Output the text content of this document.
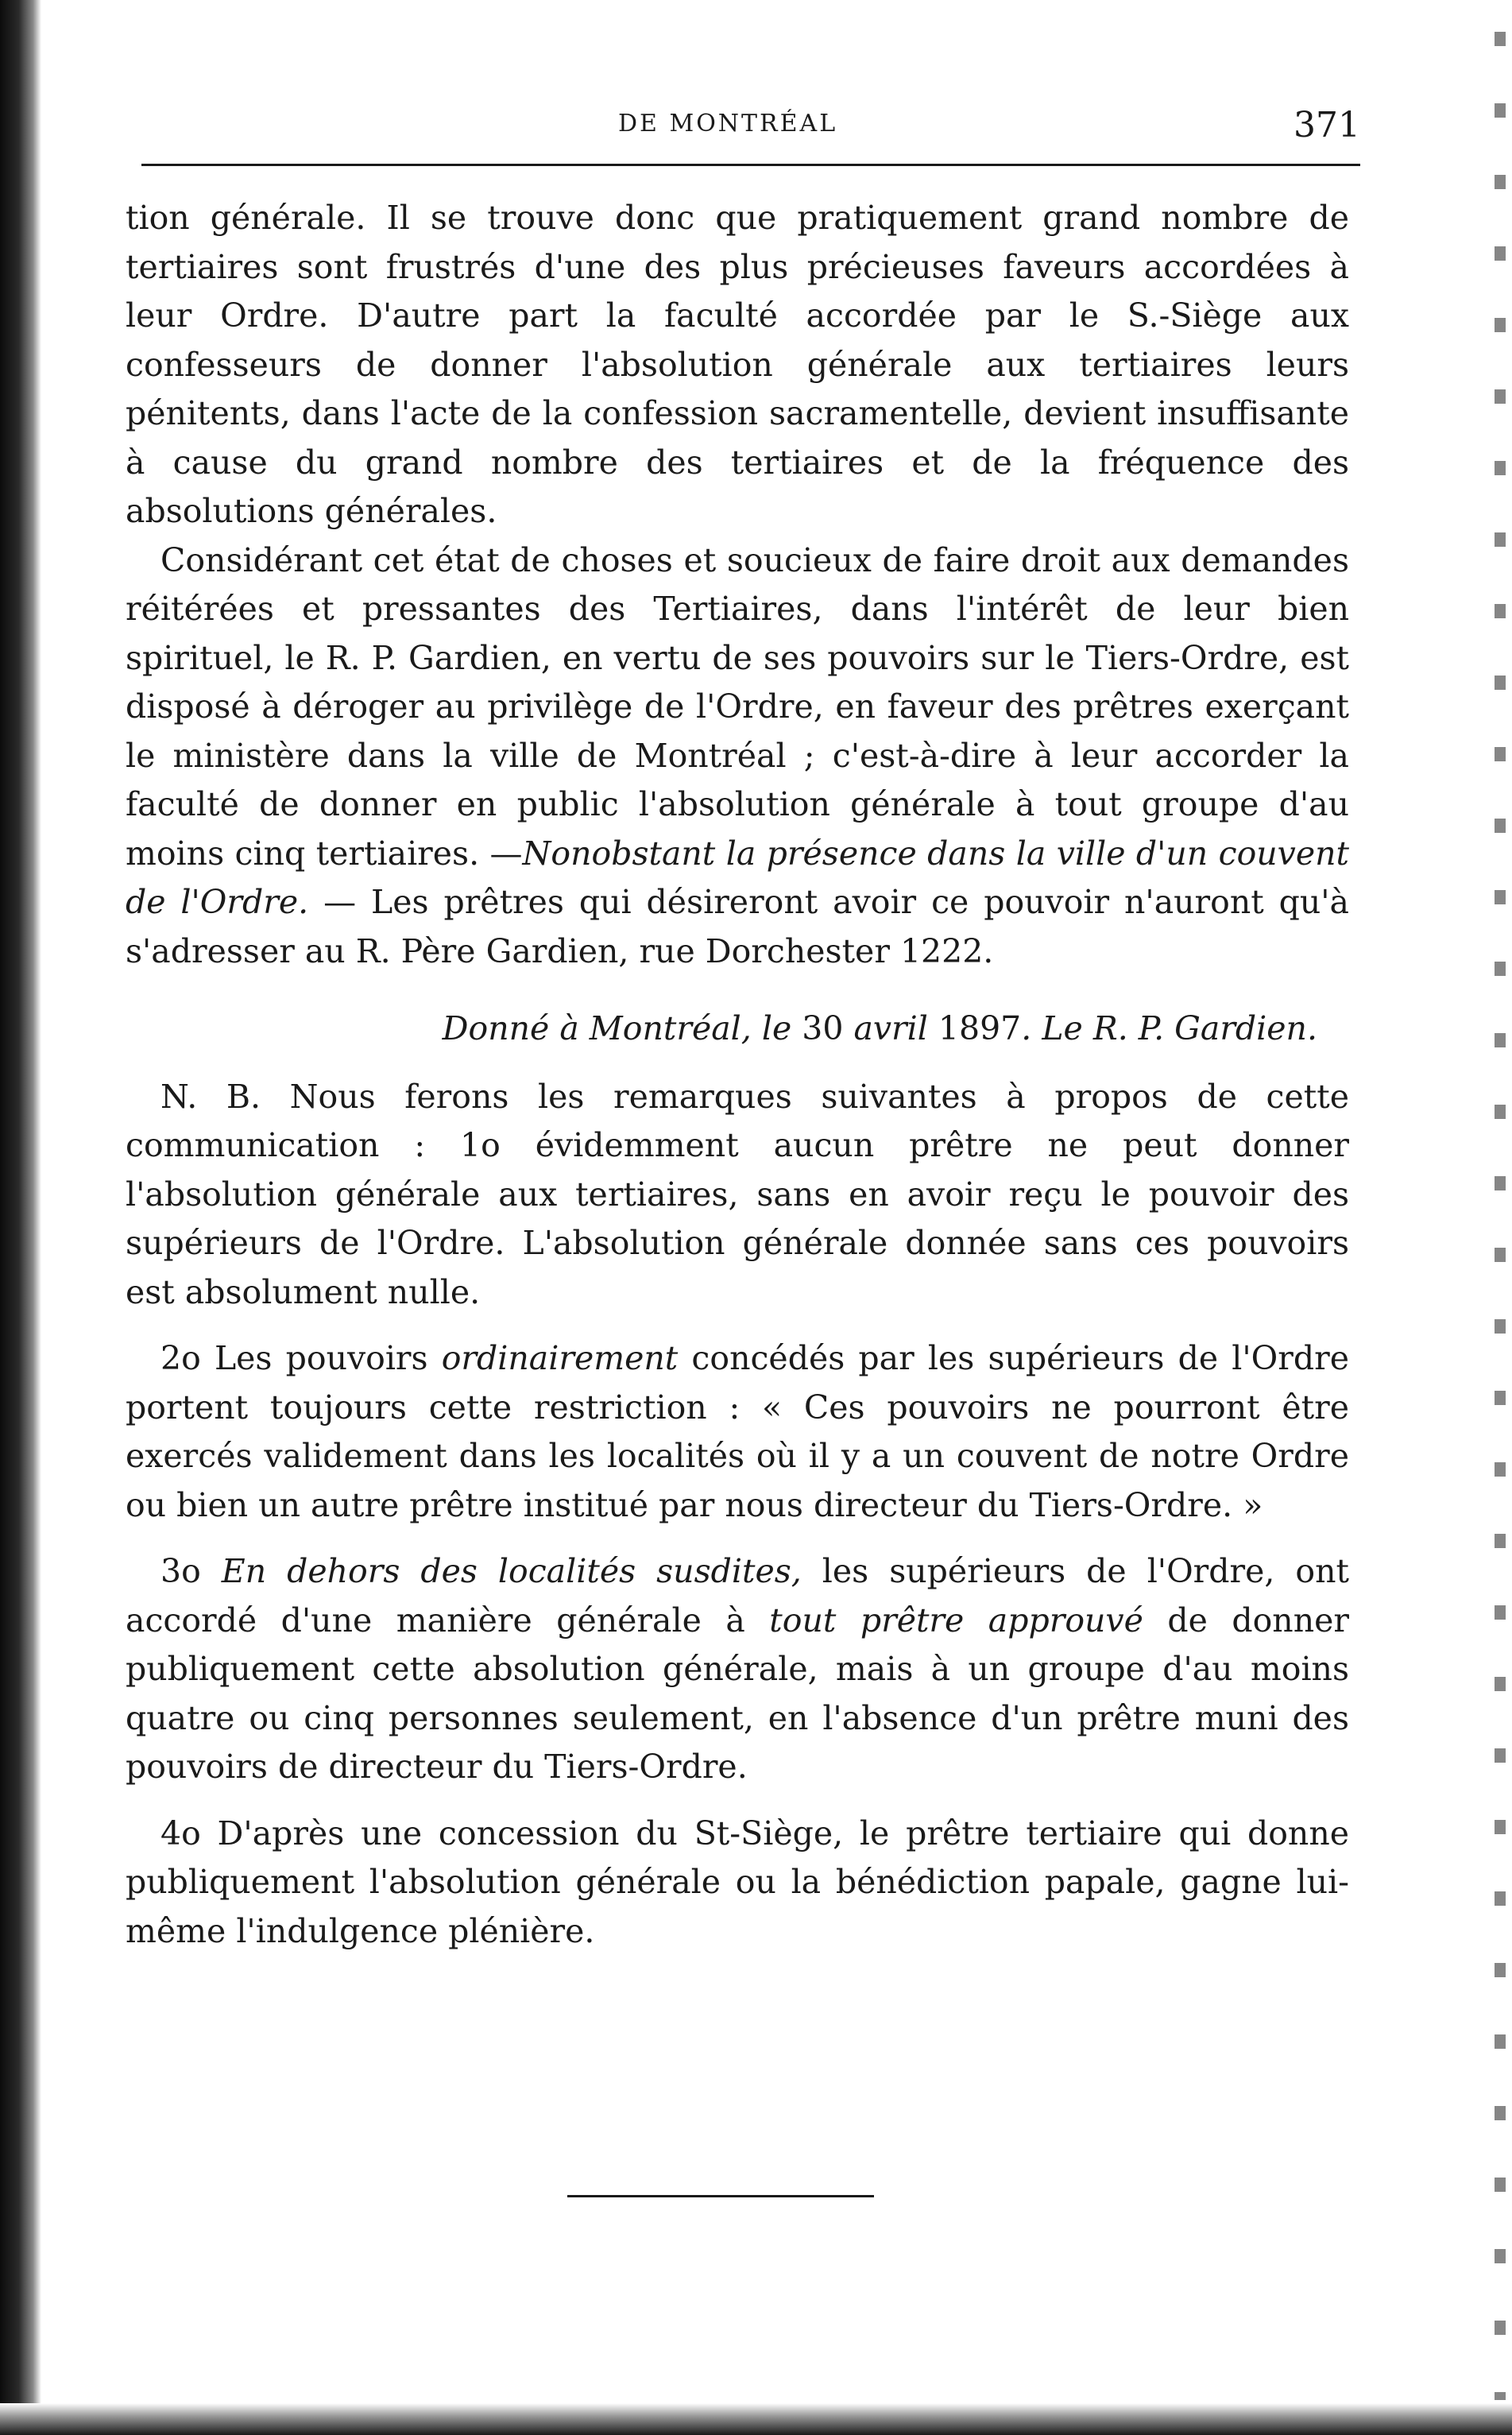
DE MONTRÉAL	371

tion générale. Il se trouve donc que pratiquement grand nombre de tertiaires sont frustrés d'une des plus précieuses faveurs accordées à leur Ordre. D'autre part la faculté accordée par le S.-Siège aux confesseurs de donner l'absolution générale aux tertiaires leurs pénitents, dans l'acte de la confession sacramentelle, devient insuffisante à cause du grand nombre des tertiaires et de la fréquence des absolutions générales.

Considérant cet état de choses et soucieux de faire droit aux demandes réitérées et pressantes des Tertiaires, dans l'intérêt de leur bien spirituel, le R. P. Gardien, en vertu de ses pouvoirs sur le Tiers-Ordre, est disposé à déroger au privilège de l'Ordre, en faveur des prêtres exerçant le ministère dans la ville de Montréal ; c'est-à-dire à leur accorder la faculté de donner en public l'absolution générale à tout groupe d'au moins cinq tertiaires. —Nonobstant la présence dans la ville d'un couvent de l'Ordre. — Les prêtres qui désireront avoir ce pouvoir n'auront qu'à s'adresser au R. Père Gardien, rue Dorchester 1222.

Donné à Montréal, le 30 avril 1897. Le R. P. Gardien.

N. B. Nous ferons les remarques suivantes à propos de cette communication : 1o évidemment aucun prêtre ne peut donner l'absolution générale aux tertiaires, sans en avoir reçu le pouvoir des supérieurs de l'Ordre. L'absolution générale donnée sans ces pouvoirs est absolument nulle.

2o Les pouvoirs ordinairement concédés par les supérieurs de l'Ordre portent toujours cette restriction : « Ces pouvoirs ne pourront être exercés validement dans les localités où il y a un couvent de notre Ordre ou bien un autre prêtre institué par nous directeur du Tiers-Ordre. »

3o En dehors des localités susdites, les supérieurs de l'Ordre, ont accordé d'une manière générale à tout prêtre approuvé de donner publiquement cette absolution générale, mais à un groupe d'au moins quatre ou cinq personnes seulement, en l'absence d'un prêtre muni des pouvoirs de directeur du Tiers-Ordre.

4o D'après une concession du St-Siège, le prêtre tertiaire qui donne publiquement l'absolution générale ou la bénédiction papale, gagne lui-même l'indulgence plénière.
